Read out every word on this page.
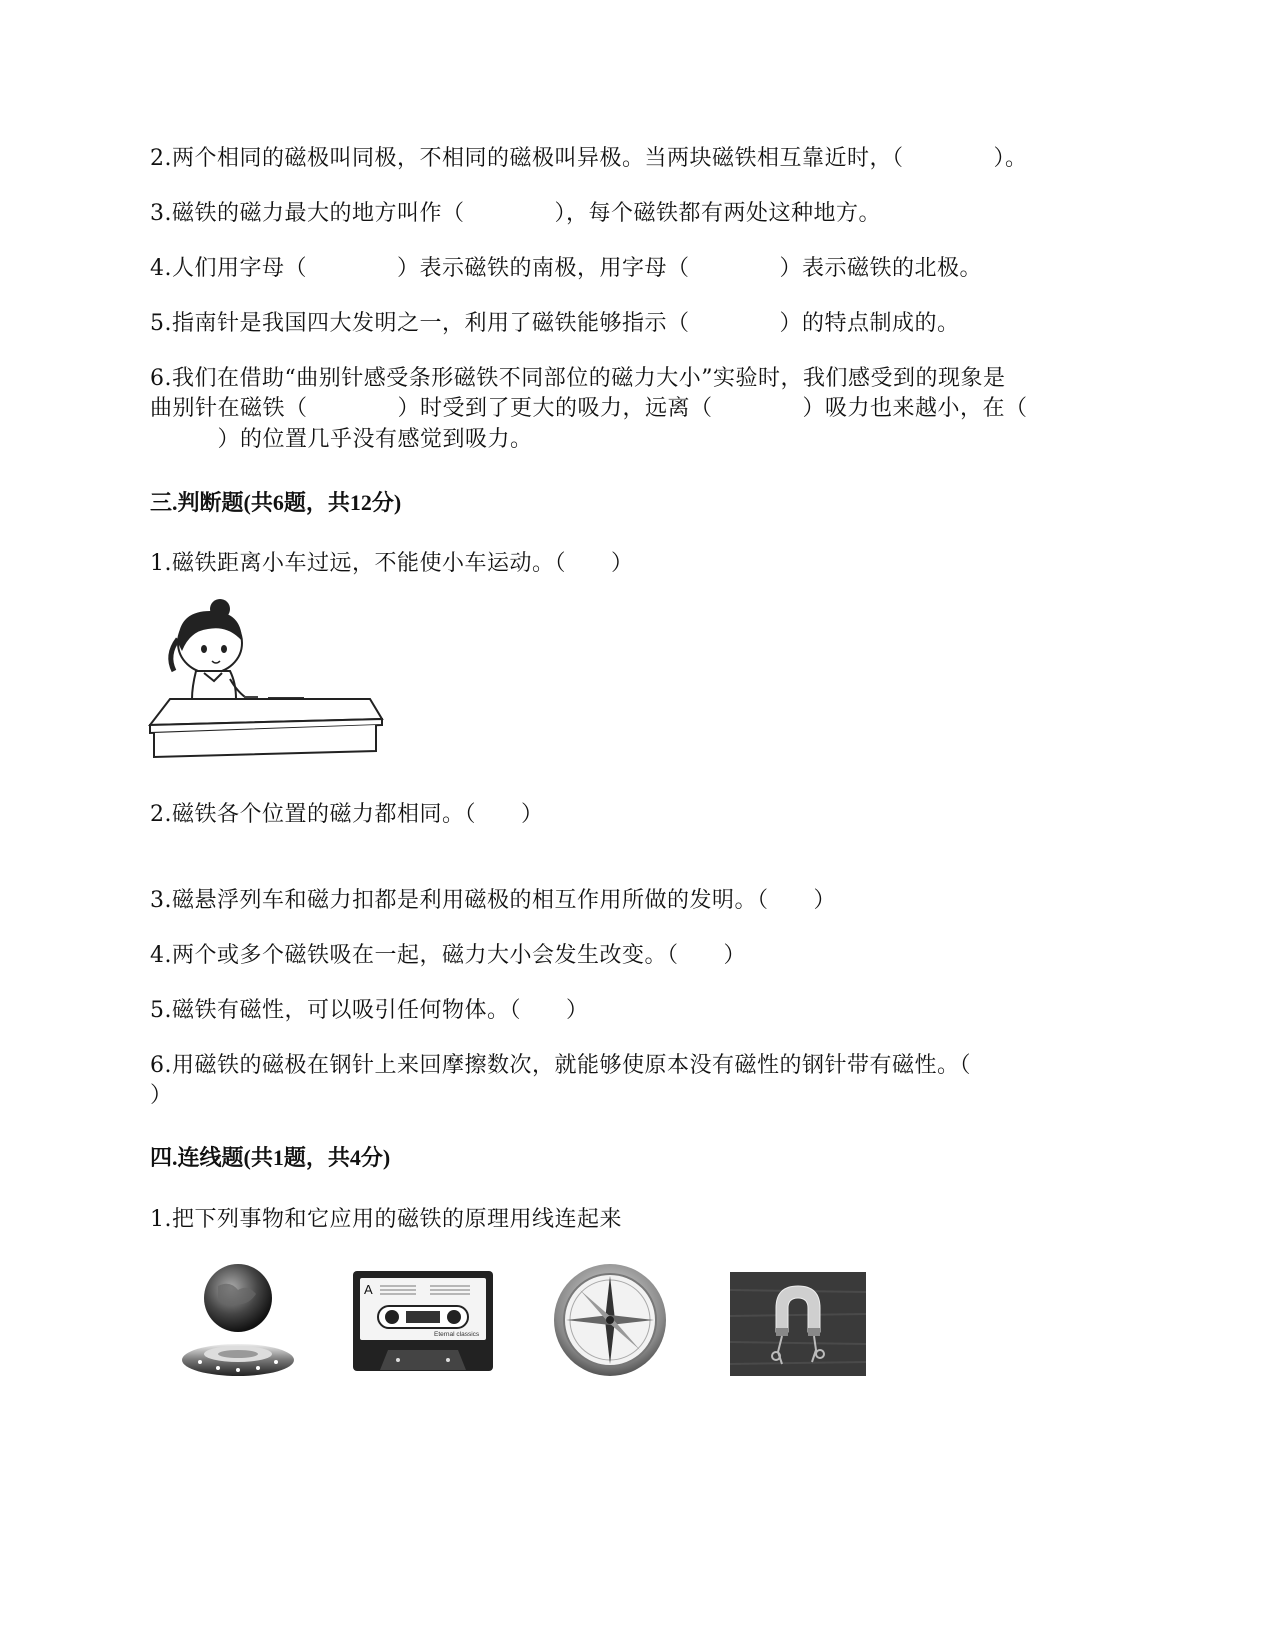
2.两个相同的磁极叫同极，不相同的磁极叫异极。当两块磁铁相互靠近时，（　　　　）。
3.磁铁的磁力最大的地方叫作（　　　　），每个磁铁都有两处这种地方。
4.人们用字母（　　　　）表示磁铁的南极，用字母（　　　　）表示磁铁的北极。
5.指南针是我国四大发明之一，利用了磁铁能够指示（　　　　）的特点制成的。
6.我们在借助“曲别针感受条形磁铁不同部位的磁力大小”实验时，我们感受到的现象是
曲别针在磁铁（　　　　）时受到了更大的吸力，远离（　　　　）吸力也来越小，在（
　　　）的位置几乎没有感觉到吸力。
三.判断题(共6题，共12分)
1.磁铁距离小车过远，不能使小车运动。（　　）
2.磁铁各个位置的磁力都相同。（　　）
3.磁悬浮列车和磁力扣都是利用磁极的相互作用所做的发明。（　　）
4.两个或多个磁铁吸在一起，磁力大小会发生改变。（　　）
5.磁铁有磁性，可以吸引任何物体。（　　）
6.用磁铁的磁极在钢针上来回摩擦数次，就能够使原本没有磁性的钢针带有磁性。（
）
四.连线题(共1题，共4分)
1.把下列事物和它应用的磁铁的原理用线连起来
A
Eternal classics
